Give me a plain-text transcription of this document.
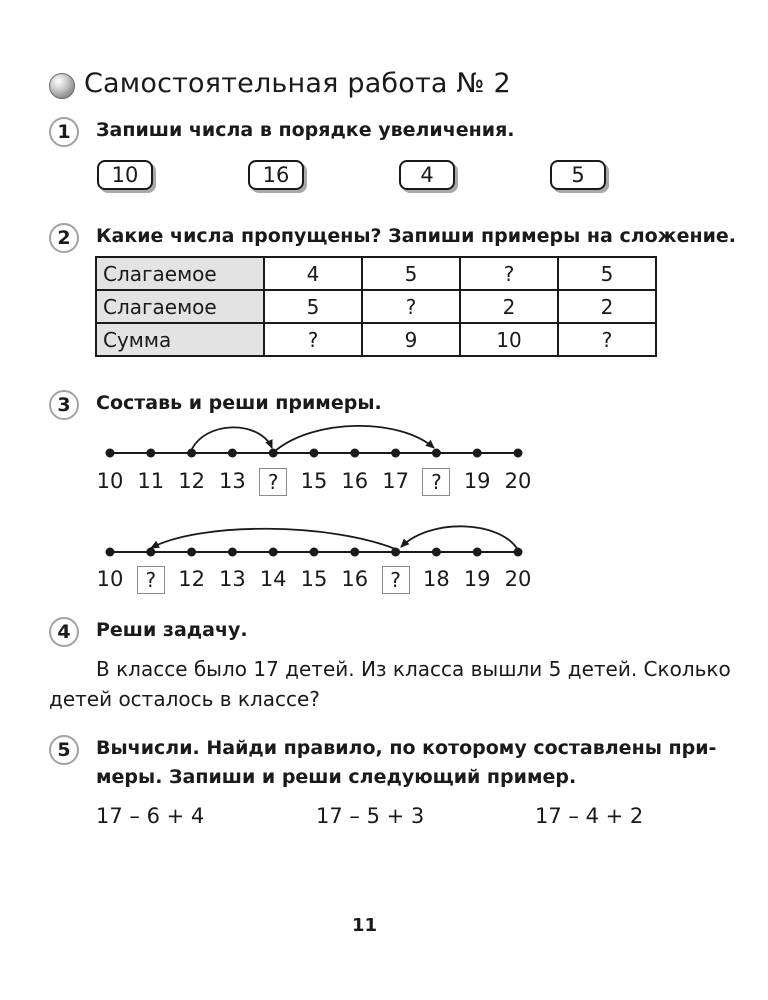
Самостоятельная работа № 2
1	Запиши числа в порядке увеличения.
10	16	4	5
2	Какие числа пропущены? Запиши примеры на сложение.
Слагаемое	4	5	?	5
Слагаемое	5	?	2	2
Сумма	?	9	10	?
3	Составь и реши примеры.
10 11 12 13	?	15 16 17	?	19 20
10	?	12 13 14 15 16	?	18 19 20
4	Реши задачу.
В классе было 17 детей. Из класса вышли 5 детей. Сколько
детей осталось в классе?
5	Вычисли. Найди правило, по которому составлены при-
меры. Запиши и реши следующий пример.
17 – 6 + 4	17 – 5 + 3	17 – 4 + 2
11
